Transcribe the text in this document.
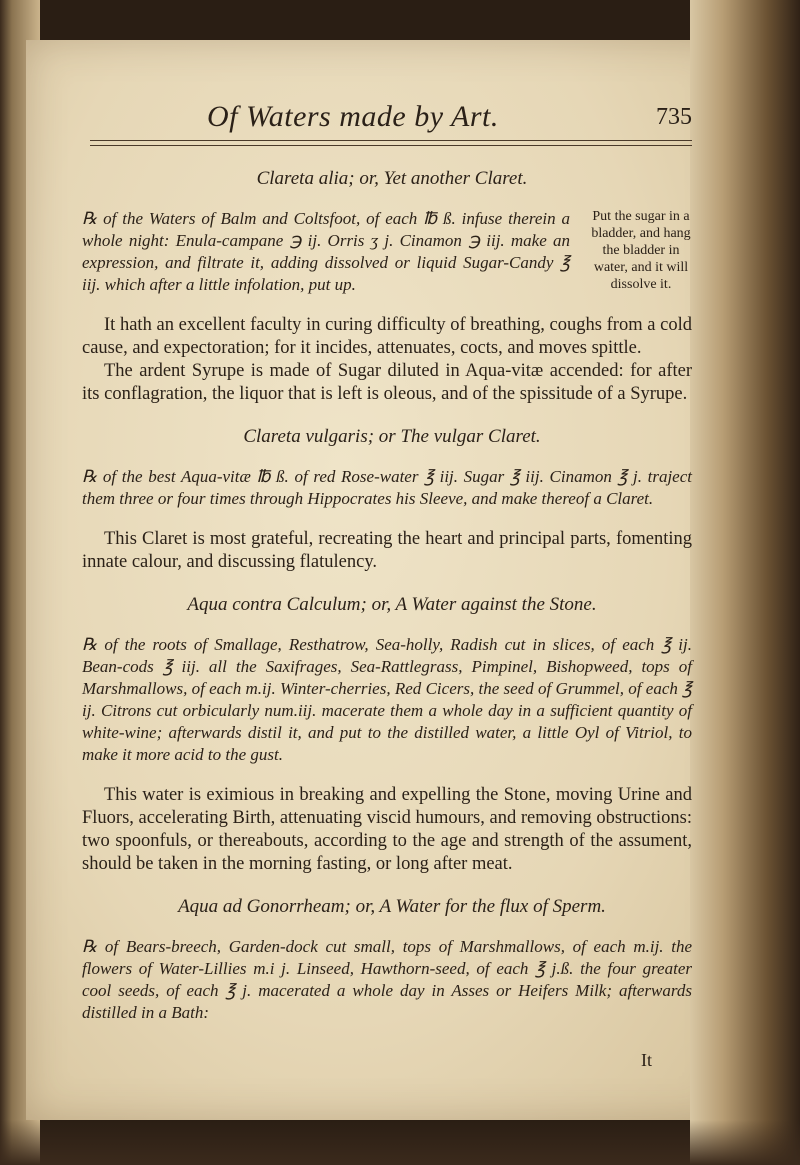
Of Waters made by Art.	735
Clareta alia; or, Yet another Claret.

℞ of the Waters of Balm and Coltsfoot, of each ℔ ß. infuse therein a whole night: Enula-campane ℈ ij. Orris ʒ j. Cinamon ℈ iij. make an expression, and filtrate it, adding dissolved or liquid Sugar-Candy ℥ iij. which after a little infolation, put up.

Put the sugar in a bladder, and hang the bladder in water, and it will dissolve it.

It hath an excellent faculty in curing difficulty of breathing, coughs from a cold cause, and expectoration; for it incides, attenuates, cocts, and moves spittle.

The ardent Syrupe is made of Sugar diluted in Aqua-vitæ accended: for after its conflagration, the liquor that is left is oleous, and of the spissitude of a Syrupe.

Clareta vulgaris; or The vulgar Claret.

℞ of the best Aqua-vitæ ℔ ß. of red Rose-water ℥ iij. Sugar ℥ iij. Cinamon ℥ j. traject them three or four times through Hippocrates his Sleeve, and make thereof a Claret.

This Claret is most grateful, recreating the heart and principal parts, fomenting innate calour, and discussing flatulency.

Aqua contra Calculum; or, A Water against the Stone.

℞ of the roots of Smallage, Resthatrow, Sea-holly, Radish cut in slices, of each ℥ ij. Bean-cods ℥ iij. all the Saxifrages, Sea-Rattlegrass, Pimpinel, Bishopweed, tops of Marshmallows, of each m.ij. Winter-cherries, Red Cicers, the seed of Grummel, of each ℥ ij. Citrons cut orbicularly num.iij. macerate them a whole day in a sufficient quantity of white-wine; afterwards distil it, and put to the distilled water, a little Oyl of Vitriol, to make it more acid to the gust.

This water is eximious in breaking and expelling the Stone, moving Urine and Fluors, accelerating Birth, attenuating viscid humours, and removing obstructions: two spoonfuls, or thereabouts, according to the age and strength of the assument, should be taken in the morning fasting, or long after meat.

Aqua ad Gonorrheam; or, A Water for the flux of Sperm.

℞ of Bears-breech, Garden-dock cut small, tops of Marshmallows, of each m.ij. the flowers of Water-Lillies m.i j. Linseed, Hawthorn-seed, of each ℥ j.ß. the four greater cool seeds, of each ℥ j. macerated a whole day in Asses or Heifers Milk; afterwards distilled in a Bath:

It
